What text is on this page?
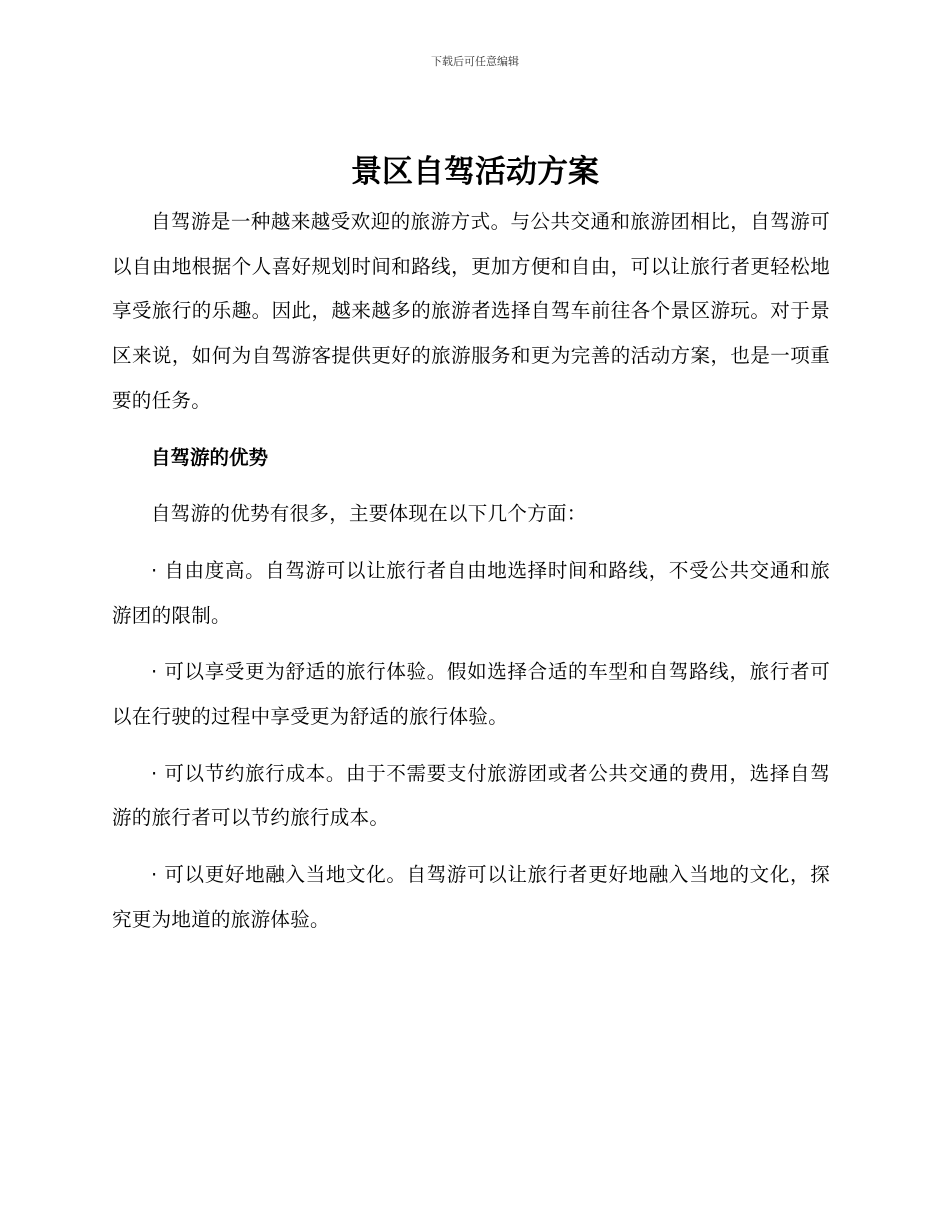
下载后可任意编辑
景区自驾活动方案

自驾游是一种越来越受欢迎的旅游方式。与公共交通和旅游团相比，自驾游可以自由地根据个人喜好规划时间和路线，更加方便和自由，可以让旅行者更轻松地享受旅行的乐趣。因此，越来越多的旅游者选择自驾车前往各个景区游玩。对于景区来说，如何为自驾游客提供更好的旅游服务和更为完善的活动方案，也是一项重要的任务。

自驾游的优势

自驾游的优势有很多，主要体现在以下几个方面：

· 自由度高。自驾游可以让旅行者自由地选择时间和路线，不受公共交通和旅游团的限制。

· 可以享受更为舒适的旅行体验。假如选择合适的车型和自驾路线，旅行者可以在行驶的过程中享受更为舒适的旅行体验。

· 可以节约旅行成本。由于不需要支付旅游团或者公共交通的费用，选择自驾游的旅行者可以节约旅行成本。

· 可以更好地融入当地文化。自驾游可以让旅行者更好地融入当地的文化，探究更为地道的旅游体验。
